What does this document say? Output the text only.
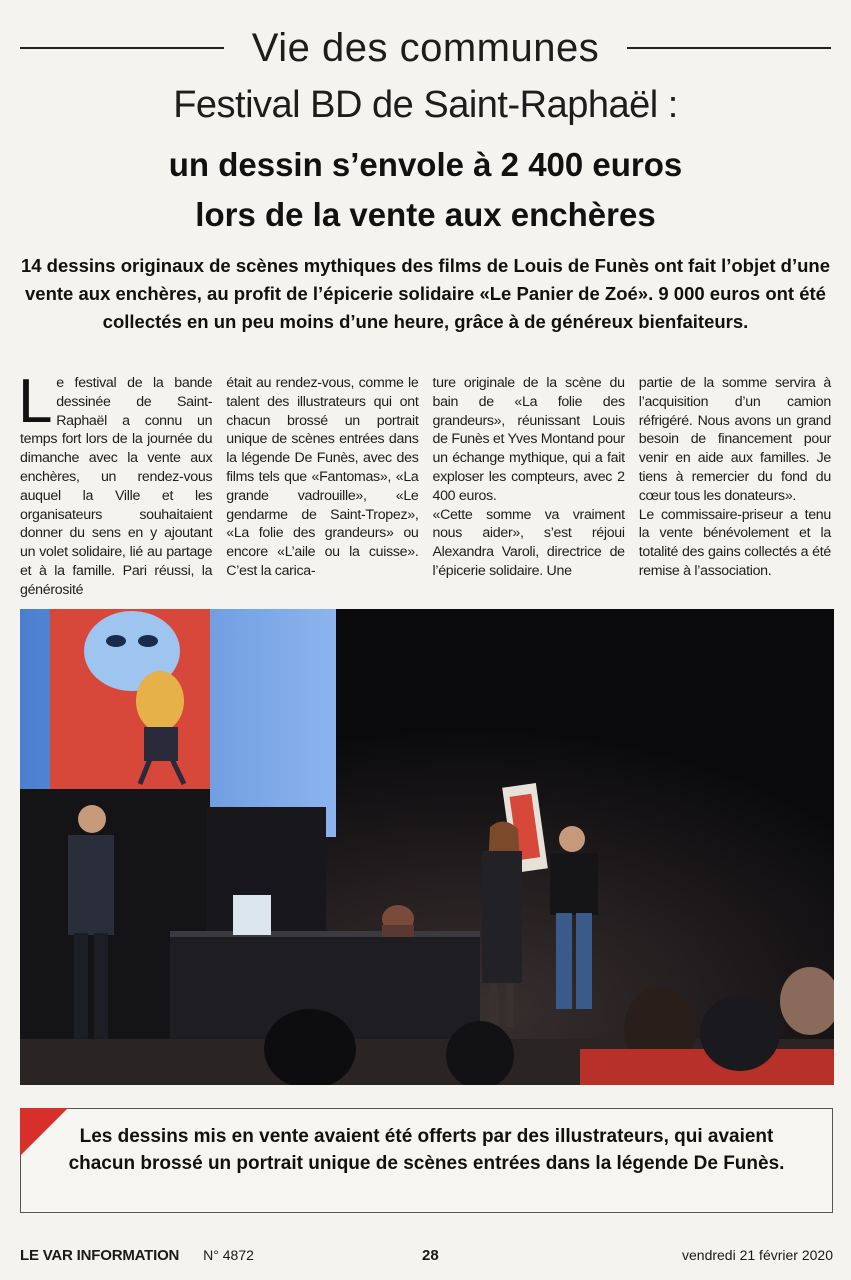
Vie des communes
Festival BD de Saint-Raphaël :
un dessin s’envole à 2 400 euros
lors de la vente aux enchères
14 dessins originaux de scènes mythiques des films de Louis de Funès ont fait l’objet d’une vente aux enchères, au profit de l’épicerie solidaire «Le Panier de Zoé». 9 000 euros ont été collectés en un peu moins d’une heure, grâce à de généreux bienfaiteurs.
L e festival de la bande dessinée de Saint-Raphaël a connu un temps fort lors de la journée du dimanche avec la vente aux enchères, un rendez-vous auquel la Ville et les organisateurs souhaitaient donner du sens en y ajoutant un volet solidaire, lié au partage et à la famille. Pari réussi, la générosité

était au rendez-vous, comme le talent des illustrateurs qui ont chacun brossé un portrait unique de scènes entrées dans la légende De Funès, avec des films tels que «Fantomas», «La grande vadrouille», «Le gendarme de Saint-Tropez», «La folie des grandeurs» ou encore «L’aile ou la cuisse». C’est la carica-

ture originale de la scène du bain de «La folie des grandeurs», réunissant Louis de Funès et Yves Montand pour un échange mythique, qui a fait exploser les compteurs, avec 2 400 euros.

«Cette somme va vraiment nous aider», s’est réjoui Alexandra Varoli, directrice de l’épicerie solidaire. Une

partie de la somme servira à l’acquisition d’un camion réfrigéré. Nous avons un grand besoin de financement pour venir en aide aux familles. Je tiens à remercier du fond du cœur tous les donateurs».

Le commissaire-priseur a tenu la vente bénévolement et la totalité des gains collectés a été remise à l’association.

Les dessins mis en vente avaient été offerts par des illustrateurs, qui avaient chacun brossé un portrait unique de scènes entrées dans la légende De Funès.
LE VAR INFORMATION N° 4872	28	vendredi 21 février 2020
